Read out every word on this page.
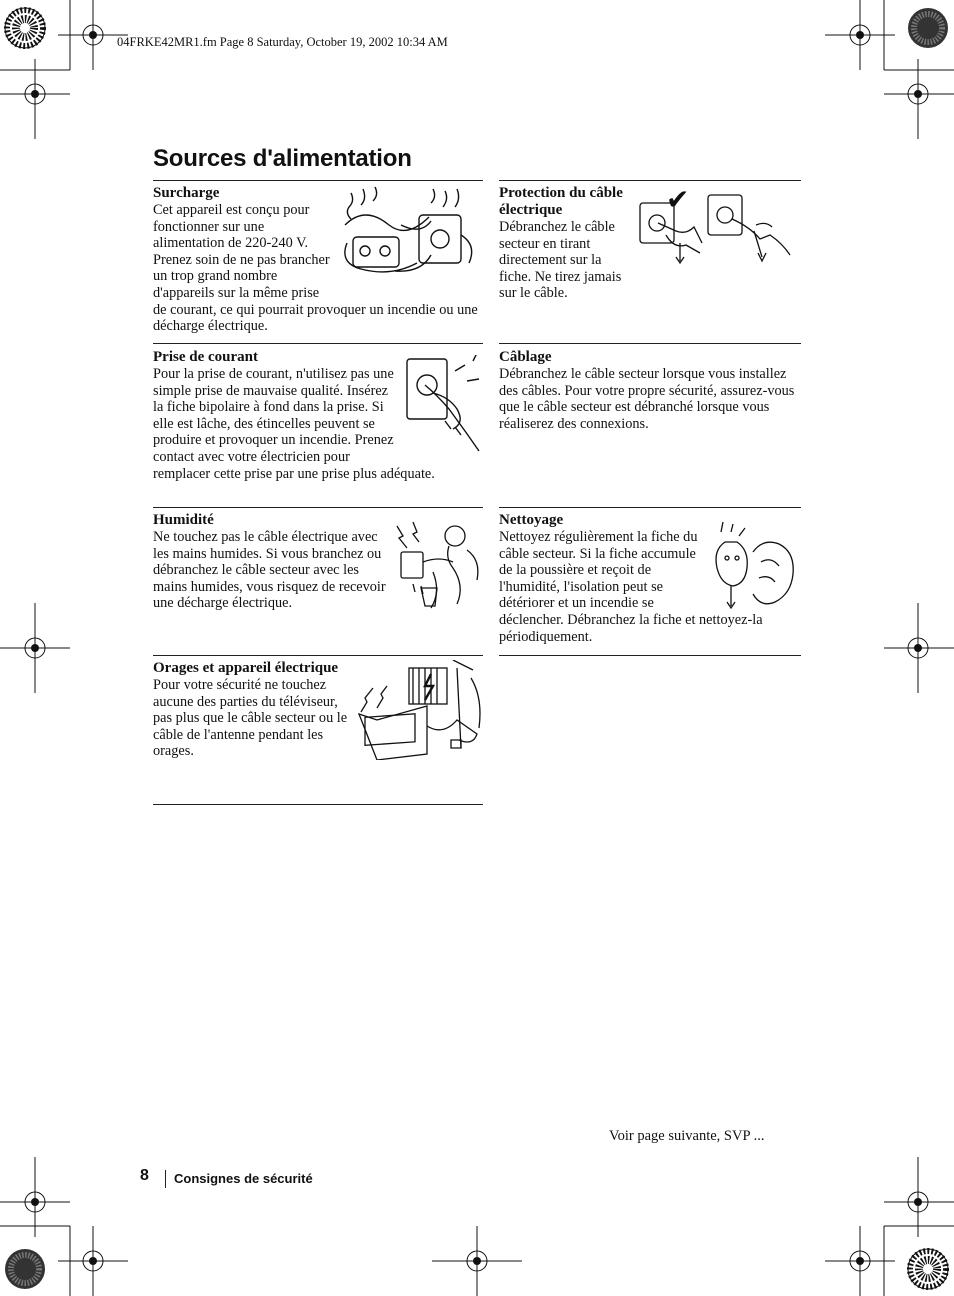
04FRKE42MR1.fm Page 8 Saturday, October 19, 2002 10:34 AM
Sources d'alimentation
Surcharge
Cet appareil est conçu pour fonctionner sur une alimentation de 220-240 V. Prenez soin de ne pas brancher un trop grand nombre d'appareils sur la même prise de courant, ce qui pourrait provoquer un incendie ou une décharge électrique.
✔
Protection du câble électrique
Débranchez le câble secteur en tirant directement sur la fiche. Ne tirez jamais sur le câble.
Prise de courant
Pour la prise de courant, n'utilisez pas une simple prise de mauvaise qualité. Insérez la fiche bipolaire à fond dans la prise. Si elle est lâche, des étincelles peuvent se produire et provoquer un incendie. Prenez contact avec votre électricien pour remplacer cette prise par une prise plus adéquate.
Câblage
Débranchez le câble secteur lorsque vous installez des câbles. Pour votre propre sécurité, assurez-vous que le câble secteur est débranché lorsque vous réaliserez des connexions.
Humidité
Ne touchez pas le câble électrique avec les mains humides. Si vous branchez ou débranchez le câble secteur avec les mains humides, vous risquez de recevoir une décharge électrique.
Nettoyage
Nettoyez régulièrement la fiche du câble secteur. Si la fiche accumule de la poussière et reçoit de l'humidité, l'isolation peut se détériorer et un incendie se déclencher. Débranchez la fiche et nettoyez-la périodiquement.
Orages et appareil électrique
Pour votre sécurité ne touchez aucune des parties du téléviseur, pas plus que le câble secteur ou le câble de l'antenne pendant les orages.
Voir page suivante, SVP ...
8 Consignes de sécurité
